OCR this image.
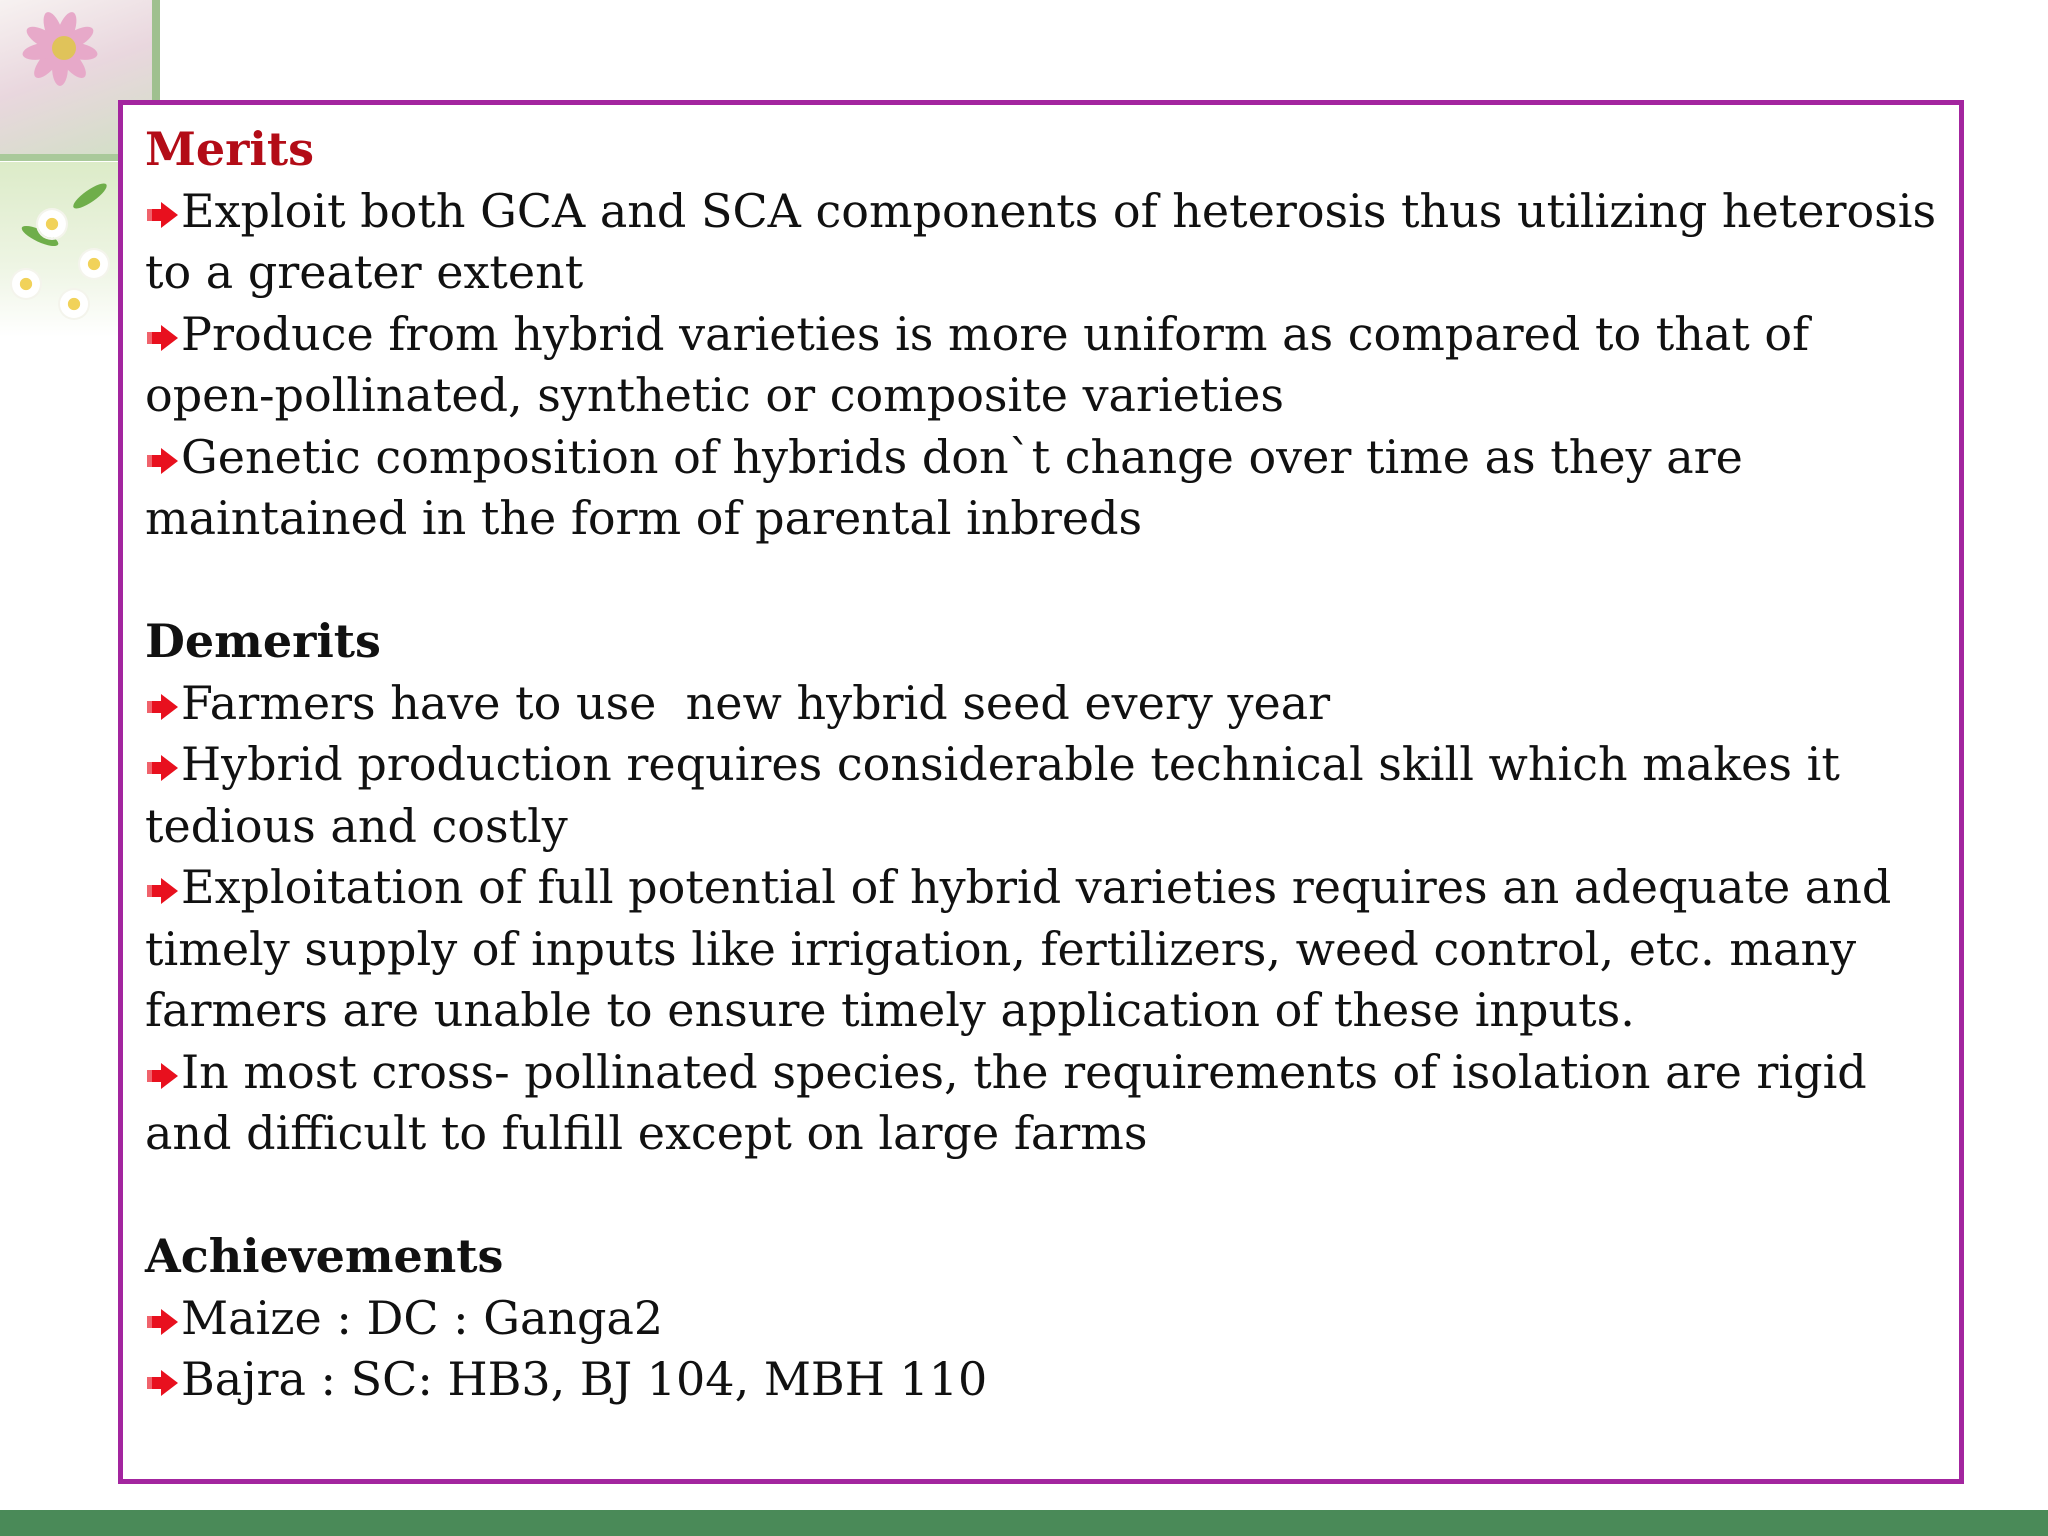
Merits

Exploit both GCA and SCA components of heterosis thus utilizing heterosis to a greater extent

Produce from hybrid varieties is more uniform as compared to that of open-pollinated, synthetic or composite varieties

Genetic composition of hybrids don`t change over time as they are maintained in the form of parental inbreds

Demerits

Farmers have to use  new hybrid seed every year

Hybrid production requires considerable technical skill which makes it tedious and costly

Exploitation of full potential of hybrid varieties requires an adequate and timely supply of inputs like irrigation, fertilizers, weed control, etc. many farmers are unable to ensure timely application of these inputs.

In most cross- pollinated species, the requirements of isolation are rigid and difficult to fulfill except on large farms

Achievements

Maize : DC : Ganga2

Bajra : SC: HB3, BJ 104, MBH 110
